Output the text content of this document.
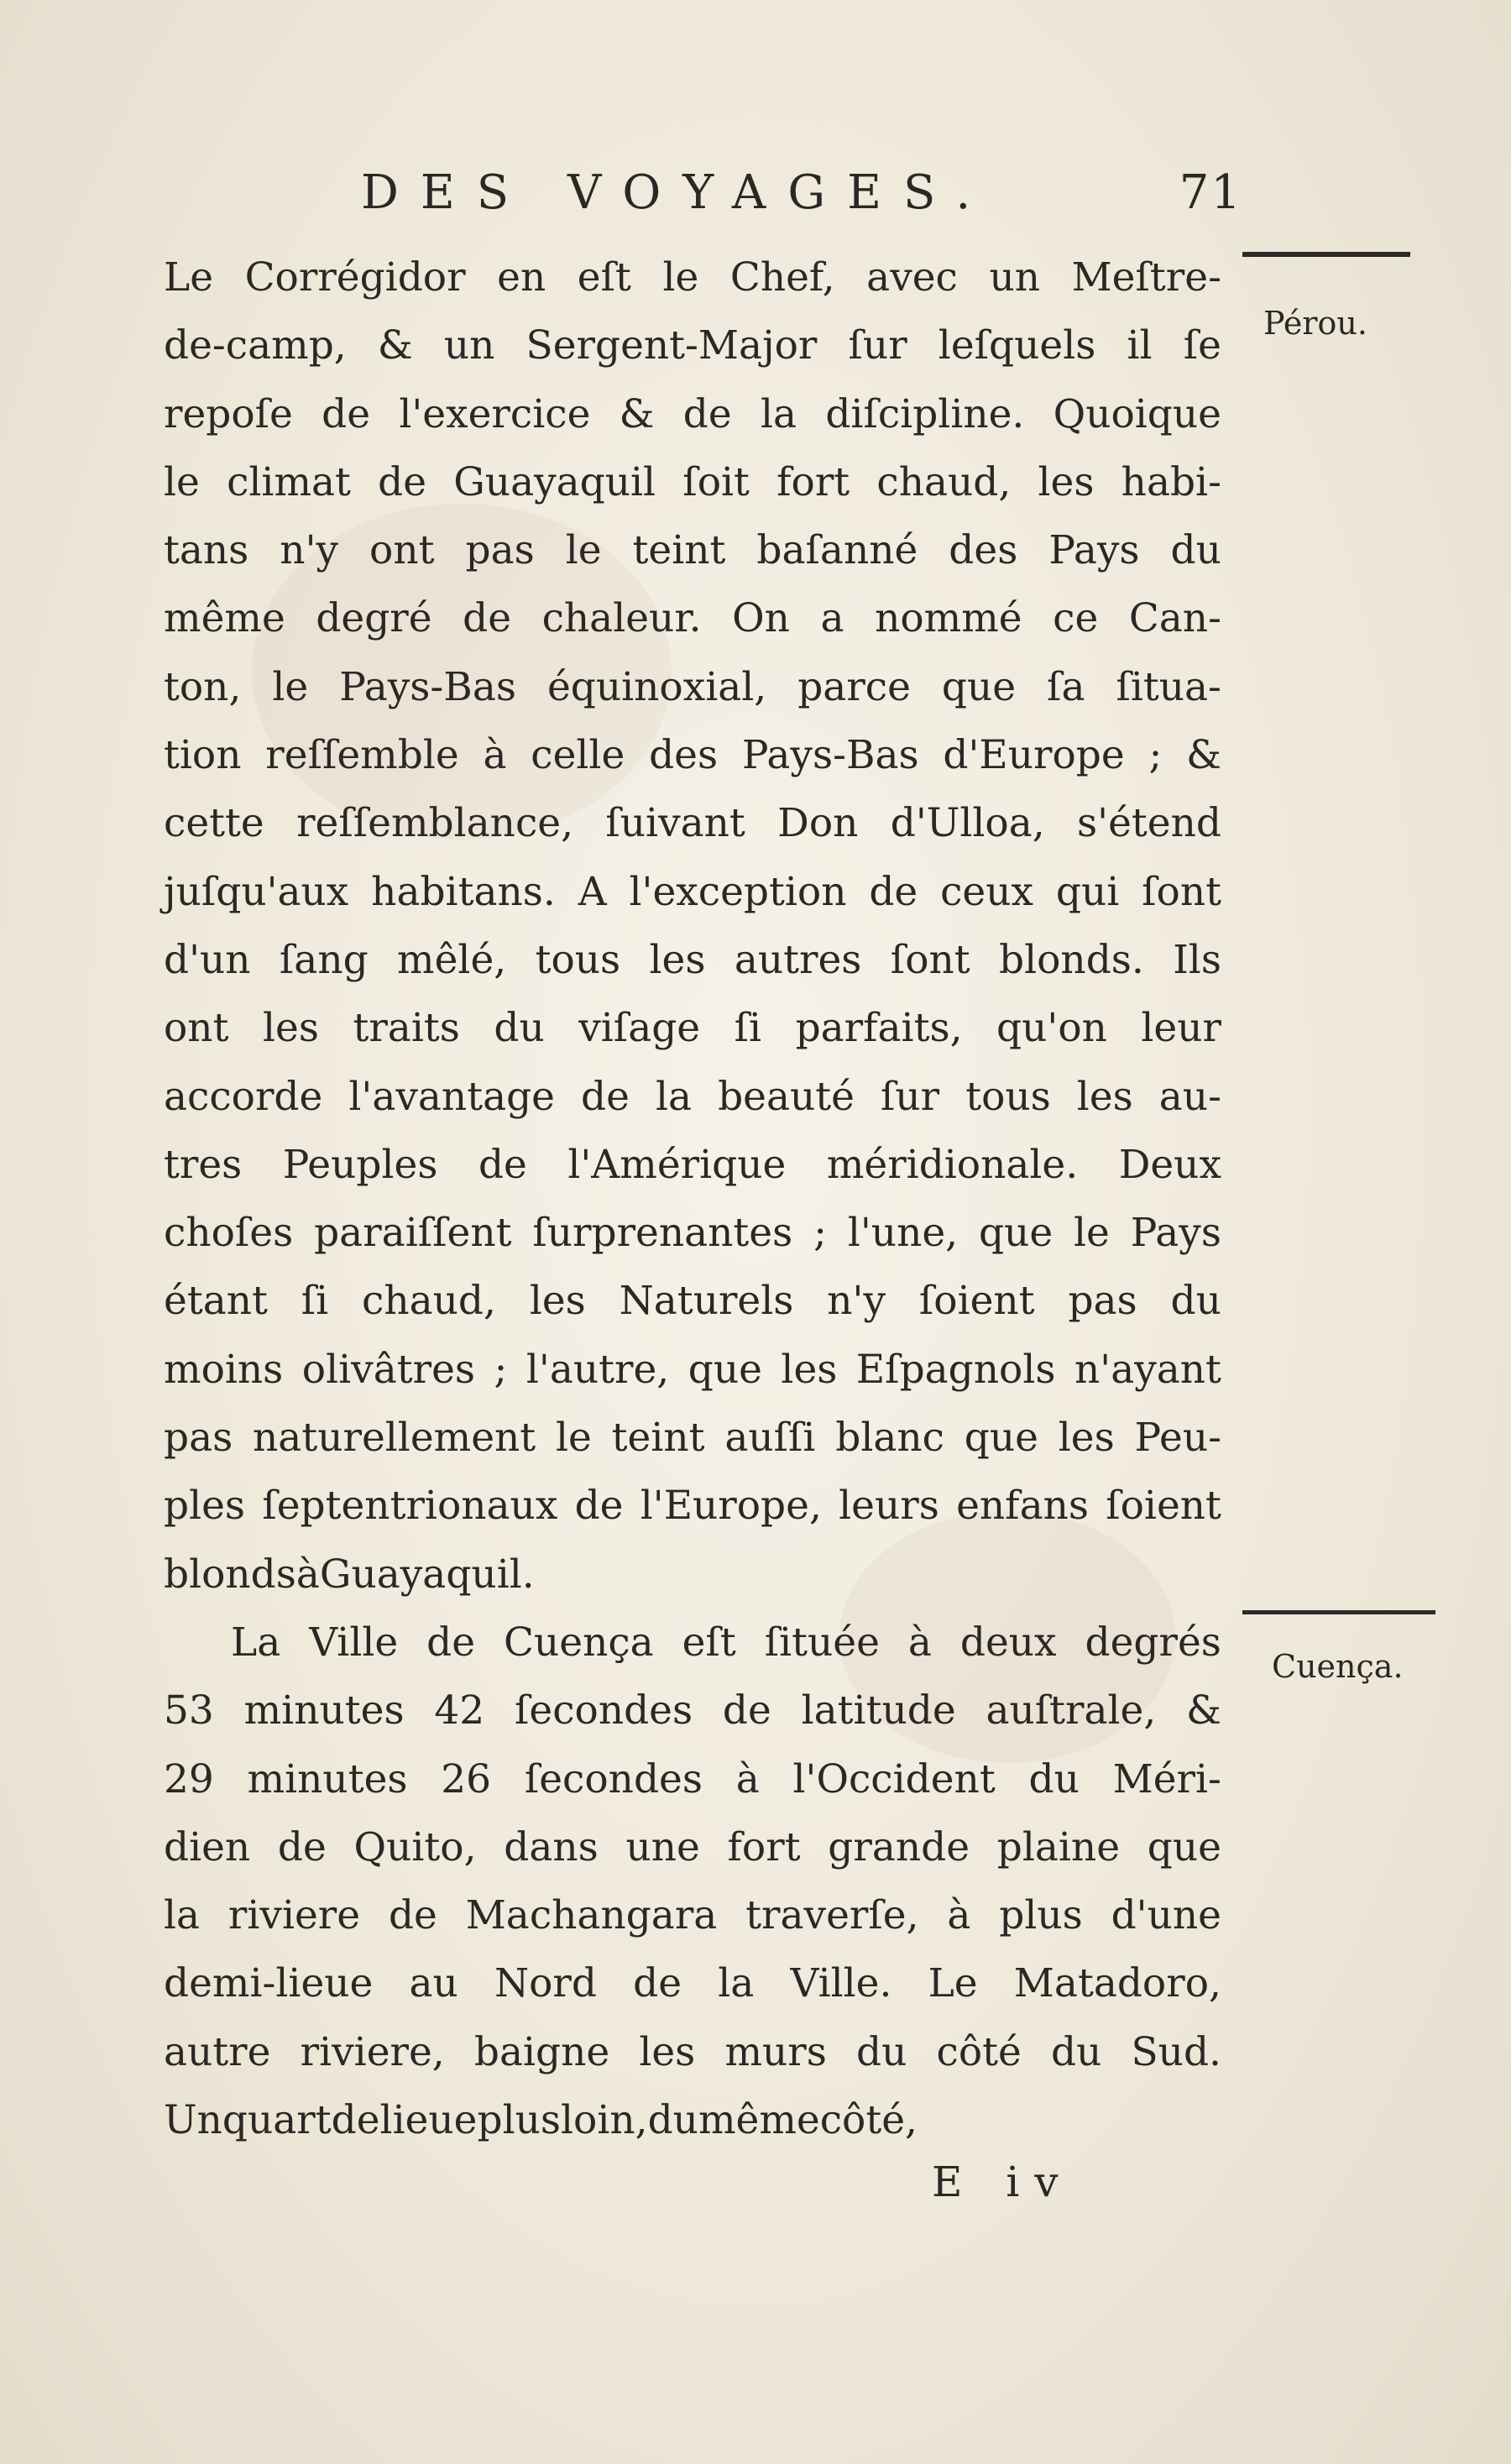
DES VOYAGES.	71
Pérou.
Cuença.
Le Corrégidor en eſt le Chef, avec un Meſtre-
de-camp, & un Sergent-Major ſur leſquels il ſe
repoſe de l'exercice & de la diſcipline. Quoique
le climat de Guayaquil ſoit fort chaud, les habi-
tans n'y ont pas le teint baſanné des Pays du
même degré de chaleur. On a nommé ce Can-
ton, le Pays-Bas équinoxial, parce que ſa ſitua-
tion reſſemble à celle des Pays-Bas d'Europe ; &
cette reſſemblance, ſuivant Don d'Ulloa, s'étend
juſqu'aux habitans. A l'exception de ceux qui ſont
d'un ſang mêlé, tous les autres ſont blonds. Ils
ont les traits du viſage ſi parfaits, qu'on leur
accorde l'avantage de la beauté ſur tous les au-
tres Peuples de l'Amérique méridionale. Deux
choſes paraiſſent ſurprenantes ; l'une, que le Pays
étant ſi chaud, les Naturels n'y ſoient pas du
moins olivâtres ; l'autre, que les Eſpagnols n'ayant
pas naturellement le teint auſſi blanc que les Peu-
ples ſeptentrionaux de l'Europe, leurs enfans ſoient
blonds à Guayaquil.
La Ville de Cuença eſt ſituée à deux degrés
53 minutes 42 ſecondes de latitude auſtrale, &
29 minutes 26 ſecondes à l'Occident du Méri-
dien de Quito, dans une fort grande plaine que
la riviere de Machangara traverſe, à plus d'une
demi-lieue au Nord de la Ville. Le Matadoro,
autre riviere, baigne les murs du côté du Sud.
Un quart de lieue plus loin, du même côté,
E iv
